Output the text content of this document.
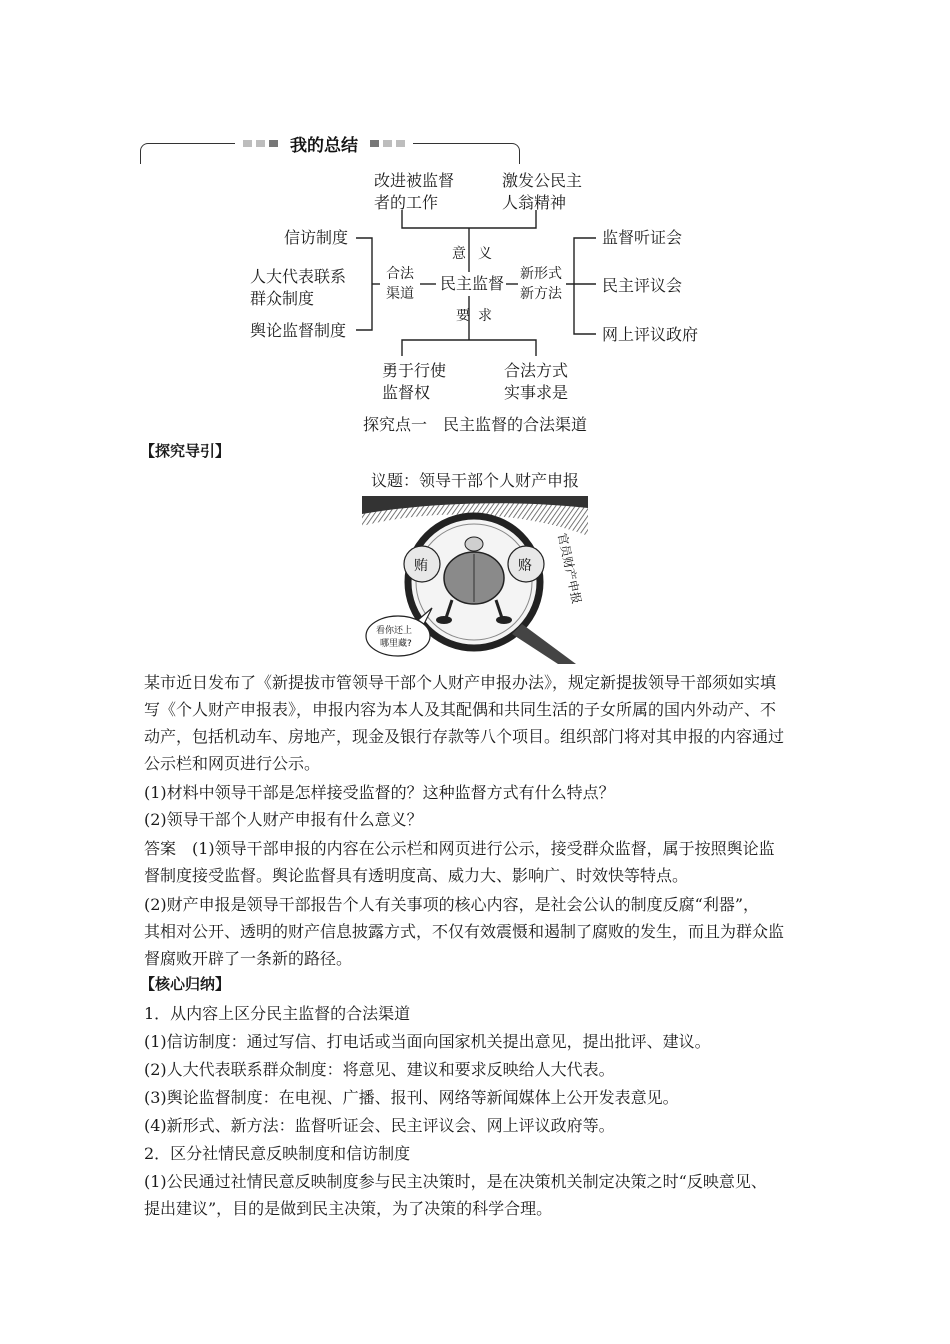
我的总结
改进被监督
者的工作
激发公民主
人翁精神
意 义
民主监督
要 求
勇于行使
监督权
合法方式
实事求是
合法
渠道
新形式
新方法
信访制度
人大代表联系
群众制度
舆论监督制度
监督听证会
民主评议会
网上评议政府
探究点一　民主监督的合法渠道
【探究导引】
议题：领导干部个人财产申报
贿	赂 官员财产申报
看你还上
哪里藏?
某市近日发布了《新提拔市管领导干部个人财产申报办法》，规定新提拔领导干部须如实填
写《个人财产申报表》，申报内容为本人及其配偶和共同生活的子女所属的国内外动产、不
动产，包括机动车、房地产，现金及银行存款等八个项目。组织部门将对其申报的内容通过
公示栏和网页进行公示。
(1)材料中领导干部是怎样接受监督的？这种监督方式有什么特点？
(2)领导干部个人财产申报有什么意义？
答案　(1)领导干部申报的内容在公示栏和网页进行公示，接受群众监督，属于按照舆论监
督制度接受监督。舆论监督具有透明度高、威力大、影响广、时效快等特点。
(2)财产申报是领导干部报告个人有关事项的核心内容，是社会公认的制度反腐“利器”，
其相对公开、透明的财产信息披露方式，不仅有效震慑和遏制了腐败的发生，而且为群众监
督腐败开辟了一条新的路径。
【核心归纳】
1．从内容上区分民主监督的合法渠道
(1)信访制度：通过写信、打电话或当面向国家机关提出意见，提出批评、建议。
(2)人大代表联系群众制度：将意见、建议和要求反映给人大代表。
(3)舆论监督制度：在电视、广播、报刊、网络等新闻媒体上公开发表意见。
(4)新形式、新方法：监督听证会、民主评议会、网上评议政府等。
2．区分社情民意反映制度和信访制度
(1)公民通过社情民意反映制度参与民主决策时，是在决策机关制定决策之时“反映意见、
提出建议”，目的是做到民主决策，为了决策的科学合理。
